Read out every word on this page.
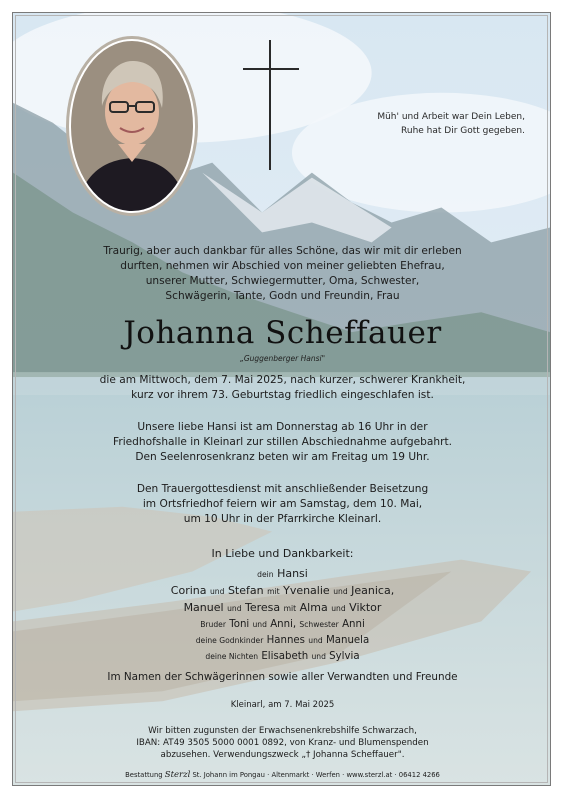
Müh' und Arbeit war Dein Leben,
Ruhe hat Dir Gott gegeben.
Traurig, aber auch dankbar für alles Schöne, das wir mit dir erleben
durften, nehmen wir Abschied von meiner geliebten Ehefrau,
unserer Mutter, Schwiegermutter, Oma, Schwester,
Schwägerin, Tante, Godn und Freundin, Frau
Johanna Scheffauer
„Guggenberger Hansi"
die am Mittwoch, dem 7. Mai 2025, nach kurzer, schwerer Krankheit,
kurz vor ihrem 73. Geburtstag friedlich eingeschlafen ist.
Unsere liebe Hansi ist am Donnerstag ab 16 Uhr in der
Friedhofshalle in Kleinarl zur stillen Abschiednahme aufgebahrt.
Den Seelenrosenkranz beten wir am Freitag um 19 Uhr.
Den Trauergottesdienst mit anschließender Beisetzung
im Ortsfriedhof feiern wir am Samstag, dem 10. Mai,
um 10 Uhr in der Pfarrkirche Kleinarl.
In Liebe und Dankbarkeit:
dein Hansi
Corina und Stefan mit Yvenalie und Jeanica,
Manuel und Teresa mit Alma und Viktor
Bruder Toni und Anni, Schwester Anni
deine Godnkinder Hannes und Manuela
deine Nichten Elisabeth und Sylvia
Im Namen der Schwägerinnen sowie aller Verwandten und Freunde
Kleinarl, am 7. Mai 2025
Wir bitten zugunsten der Erwachsenenkrebshilfe Schwarzach,
IBAN: AT49 3505 5000 0001 0892, von Kranz- und Blumenspenden
abzusehen. Verwendungszweck „† Johanna Scheffauer".
Bestattung Sterzl St. Johann im Pongau · Altenmarkt · Werfen · www.sterzl.at · 06412 4266
